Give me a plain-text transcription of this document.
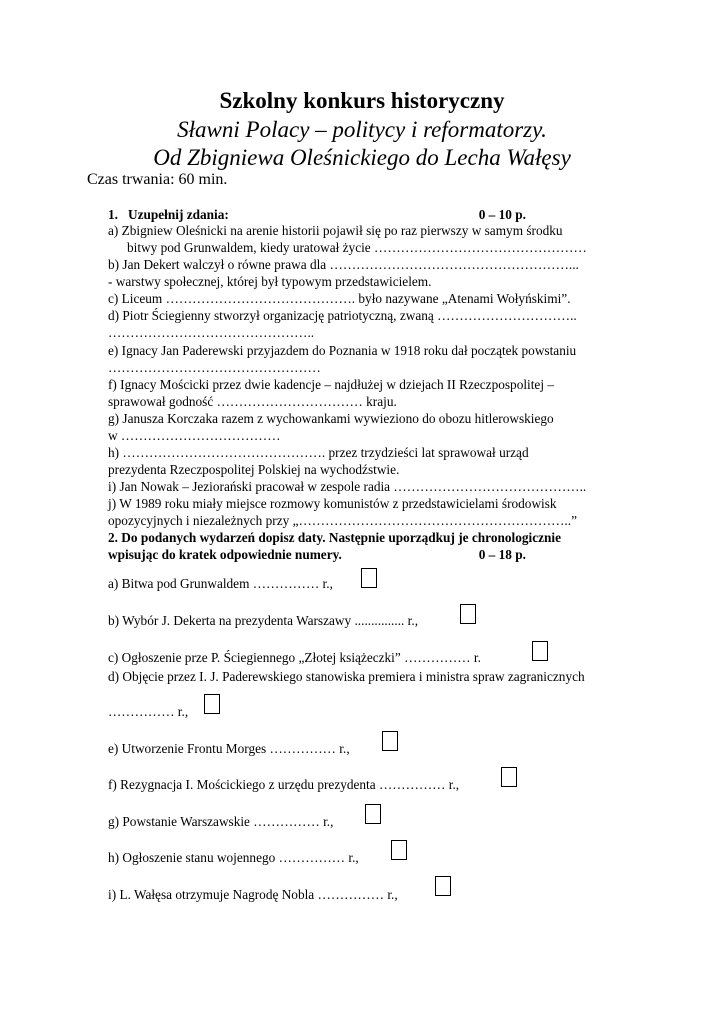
Szkolny konkurs historyczny
Sławni Polacy – politycy i reformatorzy.
Od Zbigniewa Oleśnickiego do Lecha Wałęsy
Czas trwania: 60 min.
1. Uzupełnij zdania:	0 – 10 p.
a) Zbigniew Oleśnicki na arenie historii pojawił się po raz pierwszy w samym środku
bitwy pod Grunwaldem, kiedy uratował życie …………………………………………
b) Jan Dekert walczył o równe prawa dla ………………………………………………...
- warstwy społecznej, której był typowym przedstawicielem.
c) Liceum ……………………………………. było nazywane „Atenami Wołyńskimi”.
d) Piotr Ściegienny stworzył organizację patriotyczną, zwaną …………………………..
………………………………………..
e) Ignacy Jan Paderewski przyjazdem do Poznania w 1918 roku dał początek powstaniu
…………………………………………
f) Ignacy Mościcki przez dwie kadencje – najdłużej w dziejach II Rzeczpospolitej –
sprawował godność …………………………… kraju.
g) Janusza Korczaka razem z wychowankami wywieziono do obozu hitlerowskiego
w ………………………………
h) ………………………………………. przez trzydzieści lat sprawował urząd
prezydenta Rzeczpospolitej Polskiej na wychodźstwie.
i) Jan Nowak – Jeziorański pracował w zespole radia ……………………………………..
j) W 1989 roku miały miejsce rozmowy komunistów z przedstawicielami środowisk
opozycyjnych i niezależnych przy „……………………………………………………..”
2. Do podanych wydarzeń dopisz daty. Następnie uporządkuj je chronologicznie
wpisując do kratek odpowiednie numery.	0 – 18 p.
a) Bitwa pod Grunwaldem …………… r.,
b) Wybór J. Dekerta na prezydenta Warszawy ............... r.,
c) Ogłoszenie prze P. Ściegiennego „Złotej książeczki” …………… r.
d) Objęcie przez I. J. Paderewskiego stanowiska premiera i ministra spraw zagranicznych
…………… r.,
e) Utworzenie Frontu Morges …………… r.,
f) Rezygnacja I. Mościckiego z urzędu prezydenta …………… r.,
g) Powstanie Warszawskie …………… r.,
h) Ogłoszenie stanu wojennego …………… r.,
i) L. Wałęsa otrzymuje Nagrodę Nobla …………… r.,
